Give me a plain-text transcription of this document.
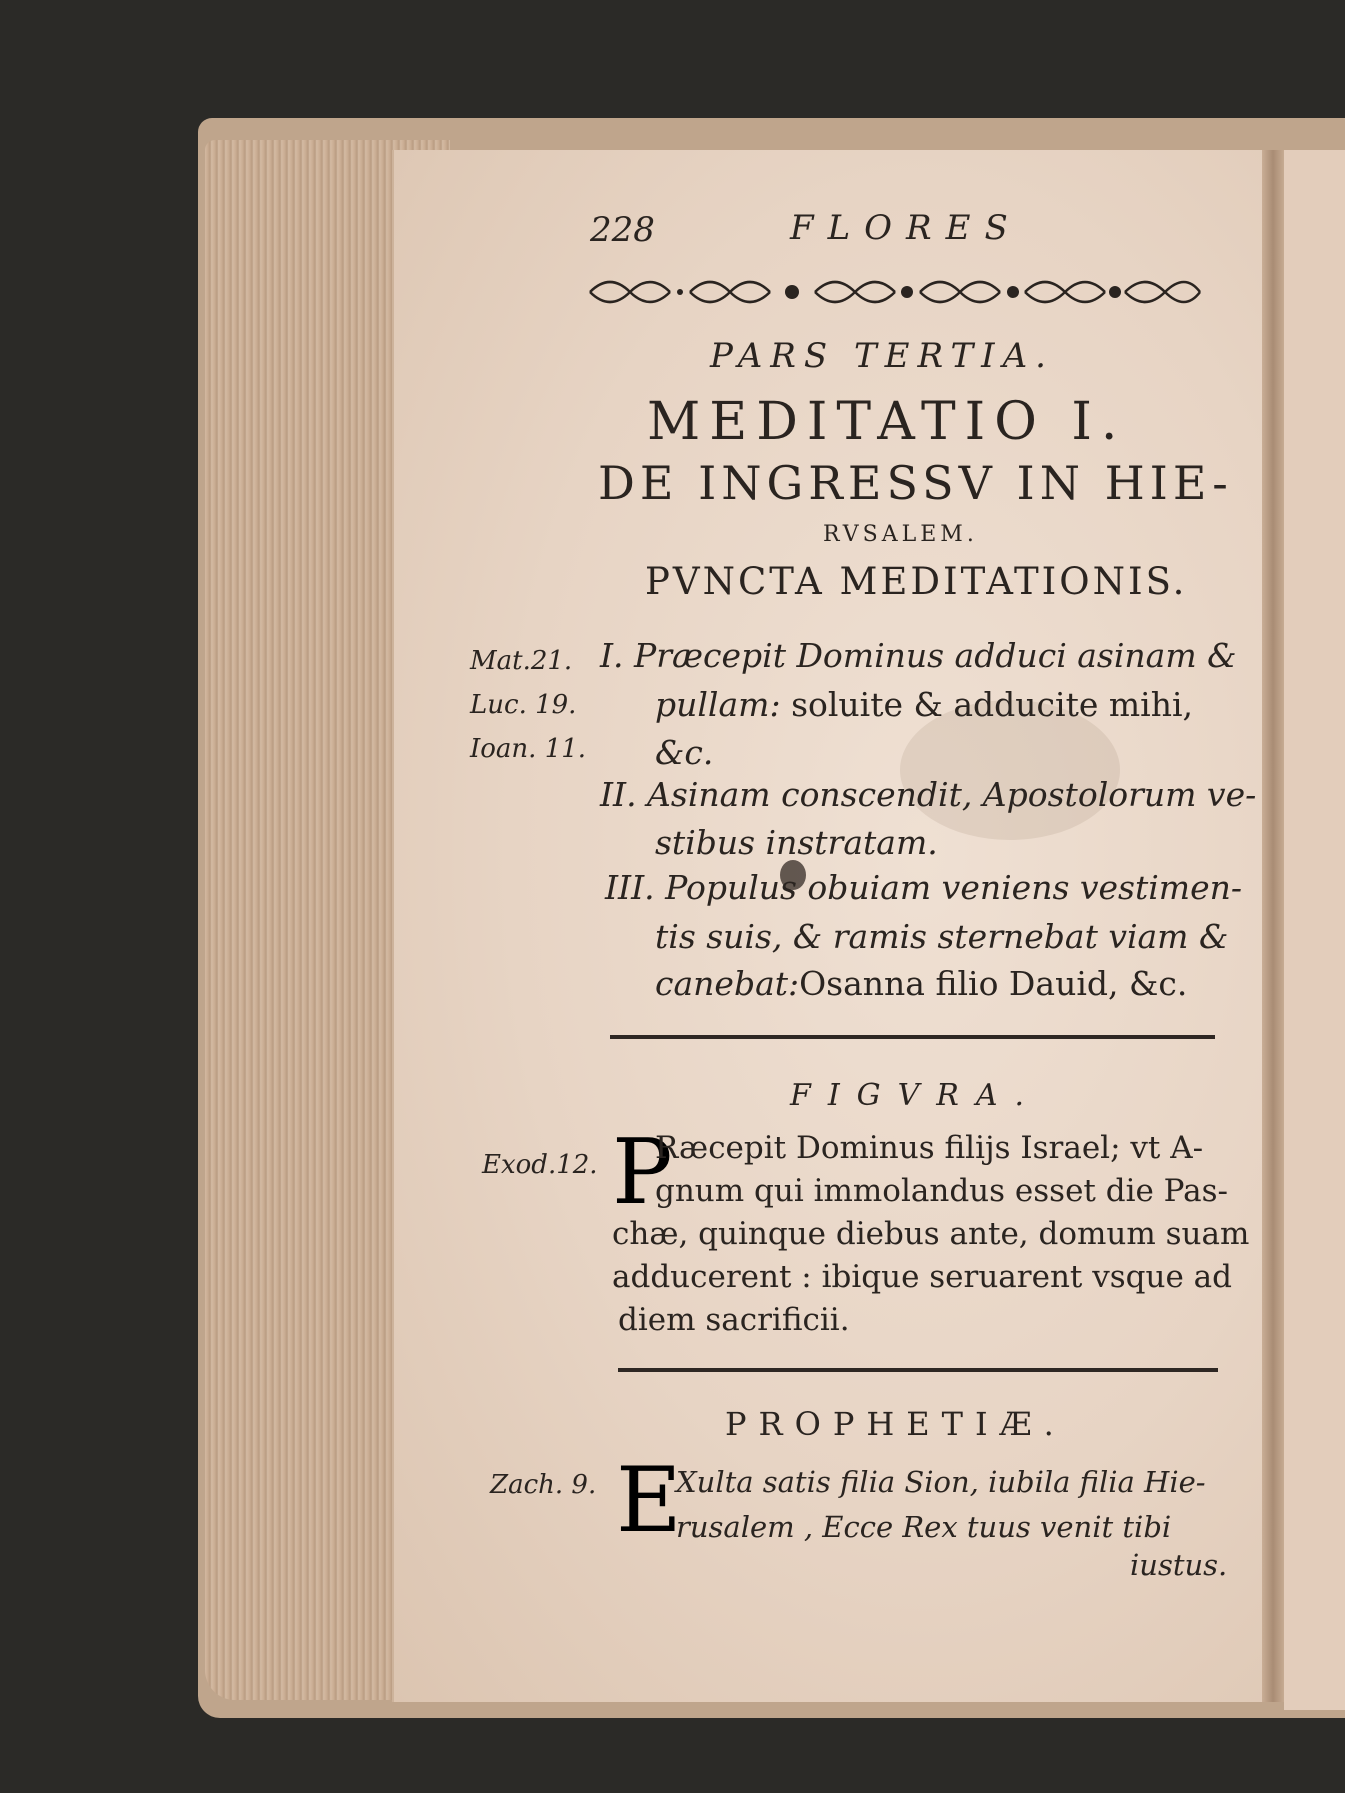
228	FLORES
PARS TERTIA.
MEDITATIO I.
DE INGRESSV IN HIE-
RVSALEM.
PVNCTA MEDITATIONIS.
Mat.21.
Luc. 19.
Ioan. 11.
I. Præcepit Dominus adduci asinam &
pullam: soluite & adducite mihi,
&c.
II. Asinam conscendit, Apostolorum ve-
stibus instratam.
III. Populus obuiam veniens vestimen-
tis suis, & ramis sternebat viam &
canebat:Osanna filio Dauid, &c.
FIGVRA.
Exod.12. P
Ræcepit Dominus filijs Israel; vt A-
gnum qui immolandus esset die Pas-
chæ, quinque diebus ante, domum suam
adducerent : ibique seruarent vsque ad
diem sacrificii.
PROPHETIÆ.
Zach. 9. E
Xulta satis filia Sion, iubila filia Hie-
rusalem , Ecce Rex tuus venit tibi
iustus.
